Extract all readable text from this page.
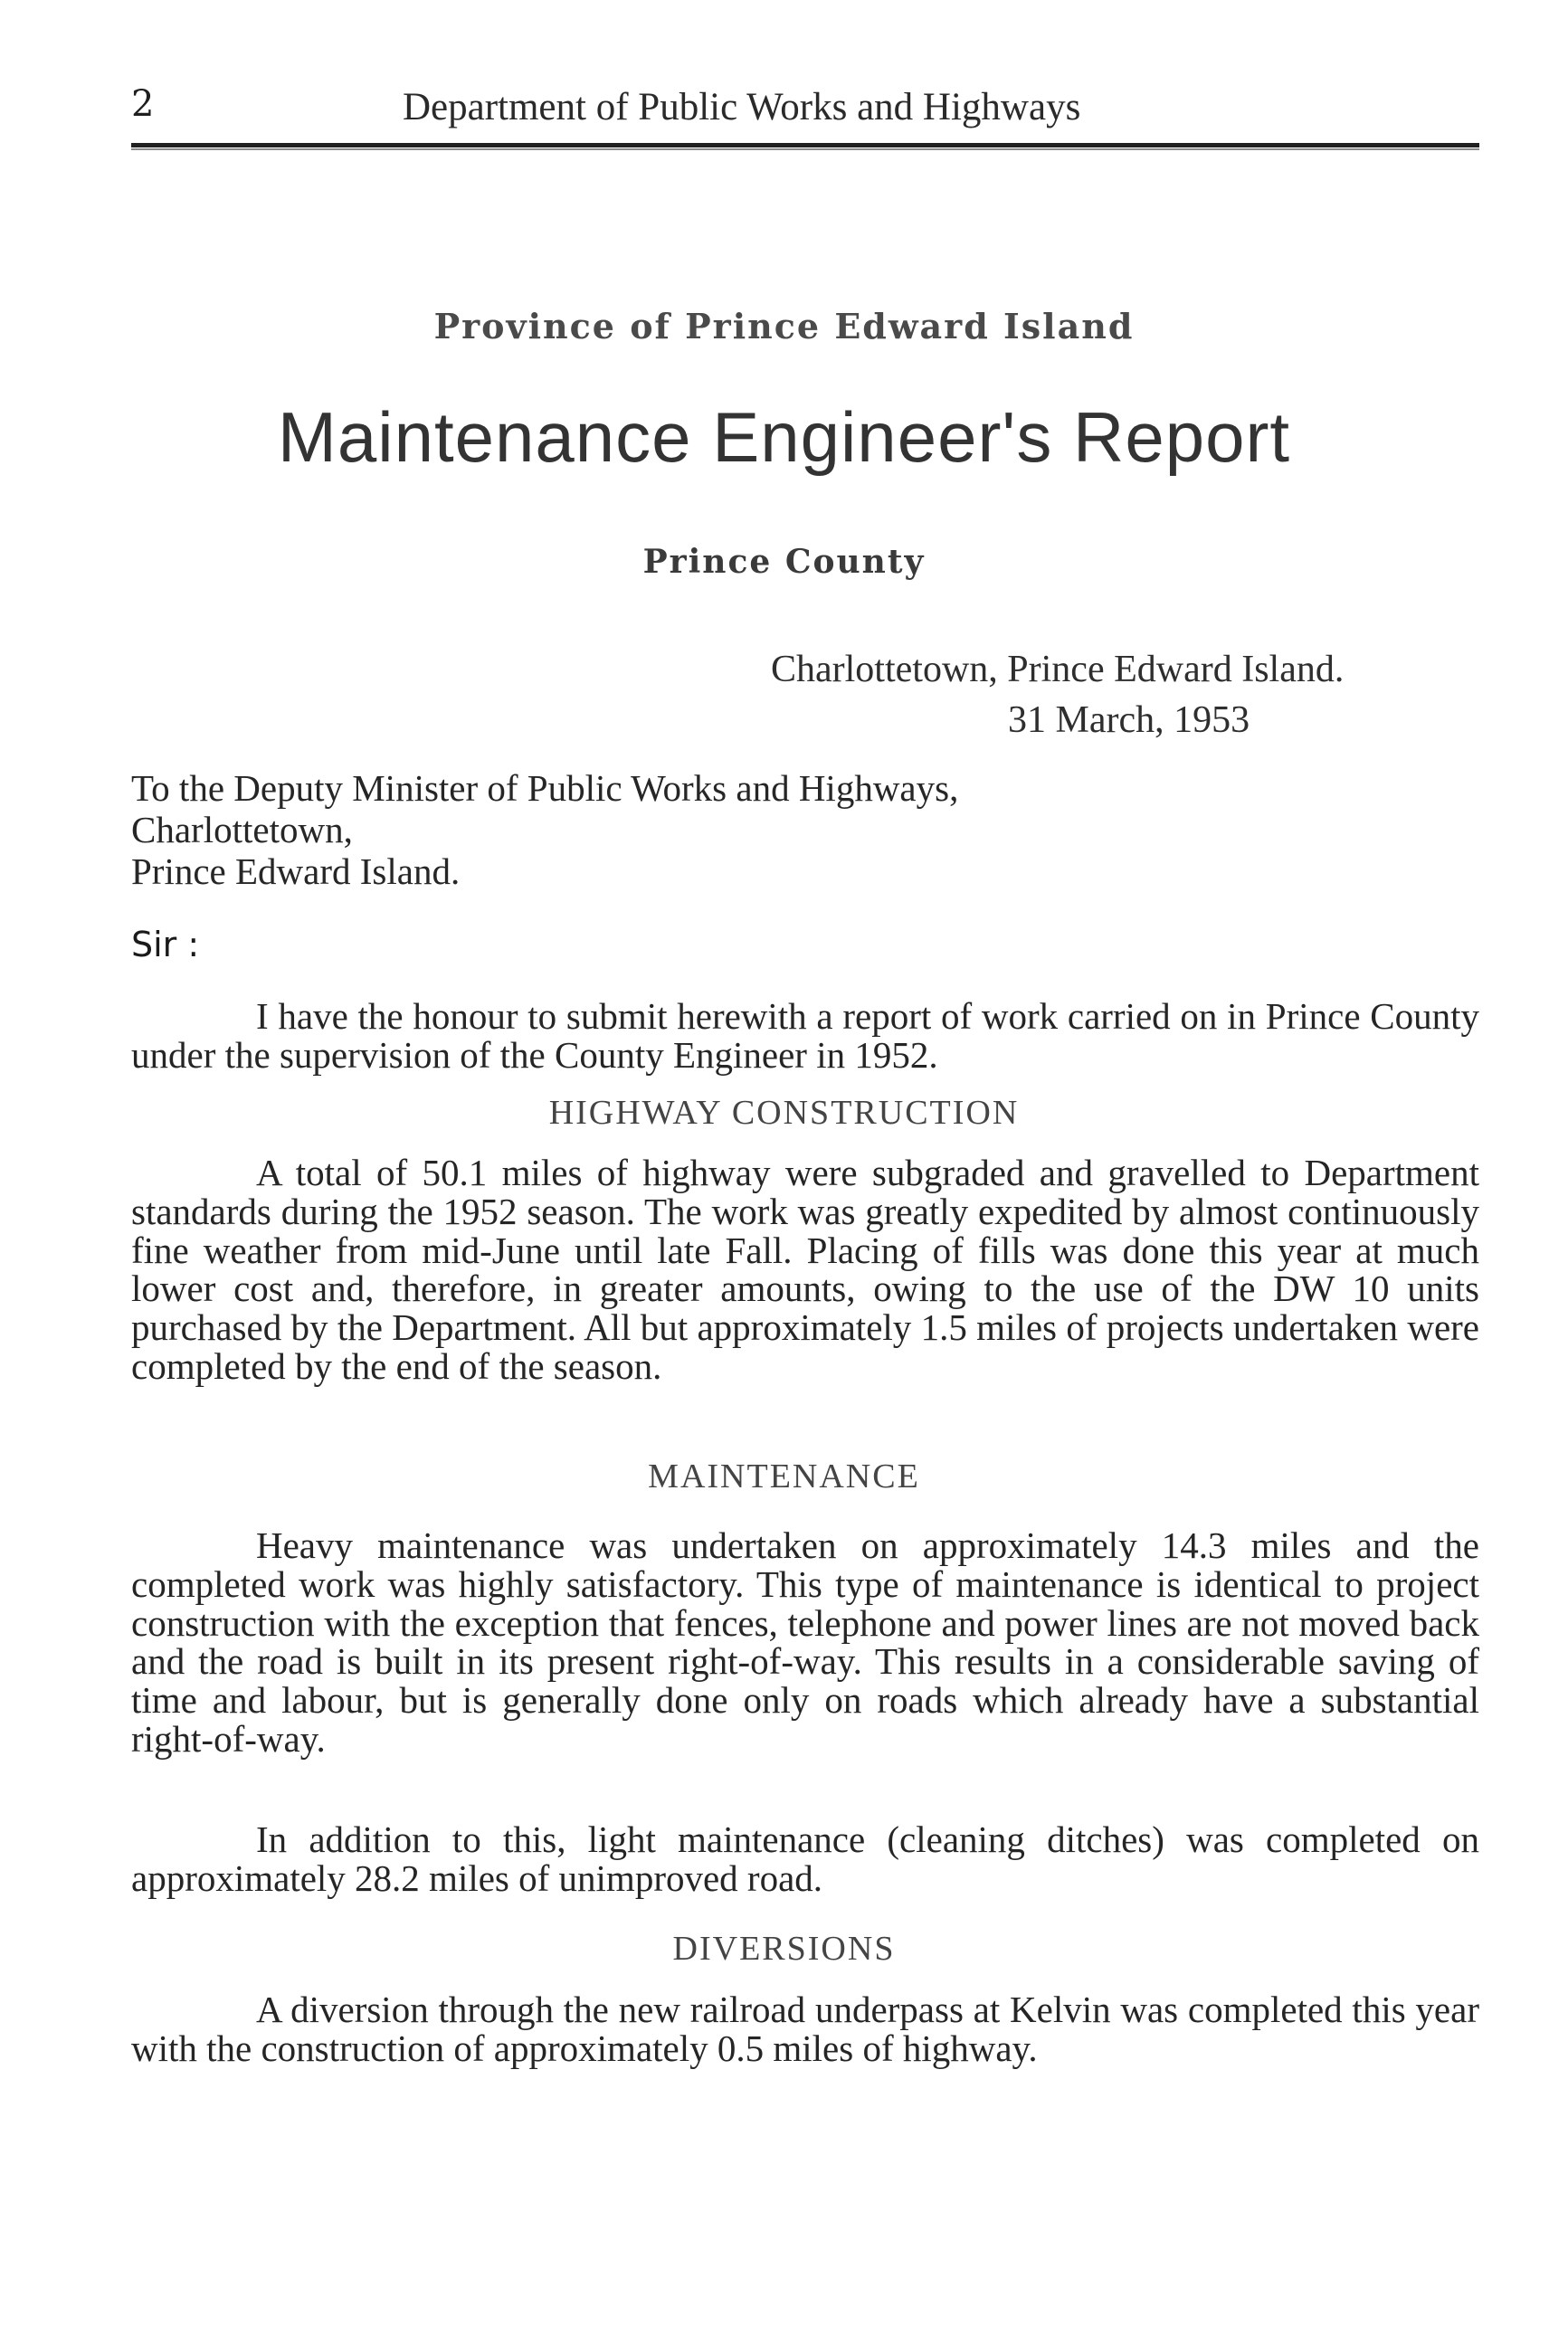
2	Department of Public Works and Highways
Province of Prince Edward Island
Maintenance Engineer's Report
Prince County
Charlottetown, Prince Edward Island.
31 March, 1953
To the Deputy Minister of Public Works and Highways,
Charlottetown,
Prince Edward Island.
Sir :

I have the honour to submit herewith a report of work carried on in Prince County under the supervision of the County Engineer in 1952.

HIGHWAY CONSTRUCTION

A total of 50.1 miles of highway were subgraded and gravelled to Department standards during the 1952 season. The work was greatly expedited by almost continuously fine weather from mid-June until late Fall. Placing of fills was done this year at much lower cost and, therefore, in greater amounts, owing to the use of the DW 10 units purchased by the Department. All but approximately 1.5 miles of projects undertaken were completed by the end of the season.

MAINTENANCE

Heavy maintenance was undertaken on approximately 14.3 miles and the completed work was highly satisfactory. This type of maintenance is identical to project construction with the exception that fences, telephone and power lines are not moved back and the road is built in its present right-of-way. This results in a considerable saving of time and labour, but is generally done only on roads which already have a substantial right-of-way.

In addition to this, light maintenance (cleaning ditches) was completed on approximately 28.2 miles of unimproved road.

DIVERSIONS

A diversion through the new railroad underpass at Kelvin was completed this year with the construction of approximately 0.5 miles of highway.
